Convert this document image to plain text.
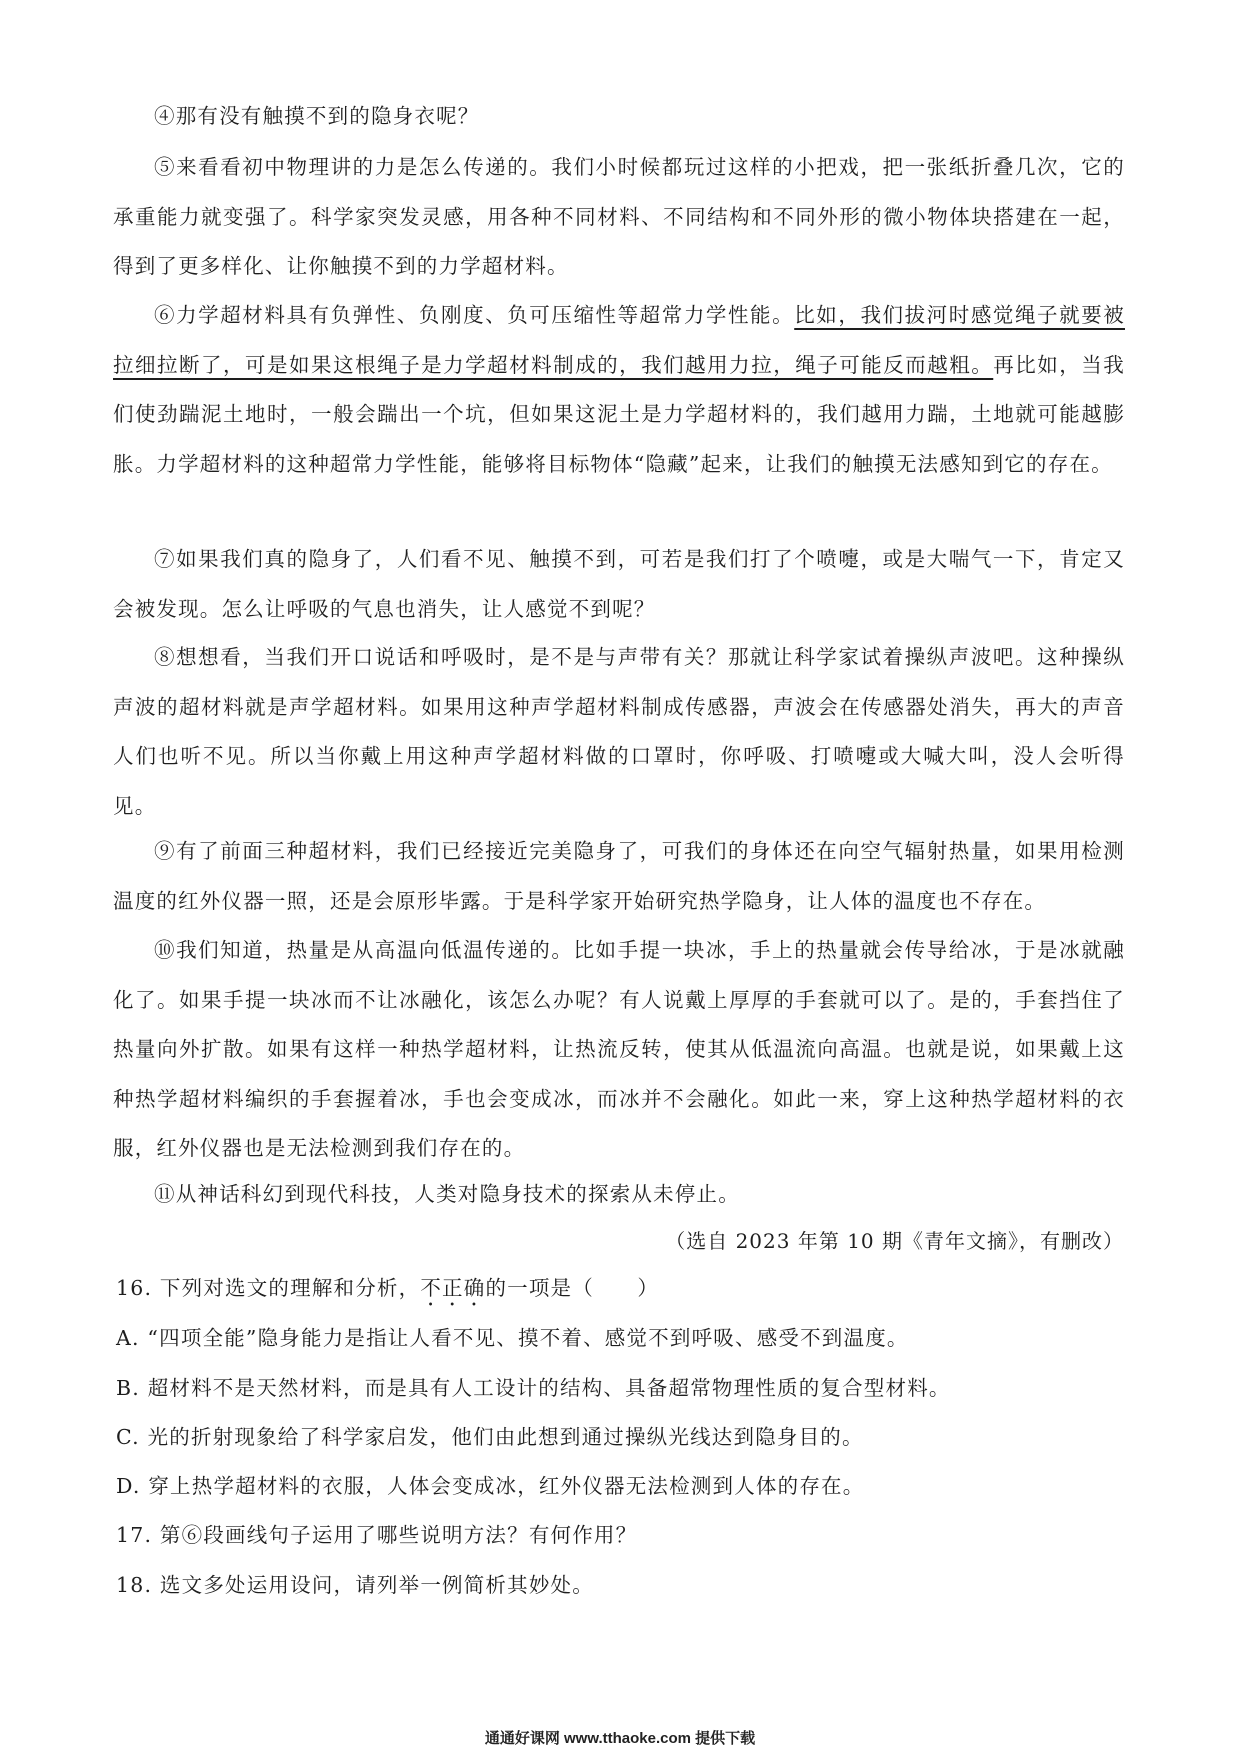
④那有没有触摸不到的隐身衣呢？

⑤来看看初中物理讲的力是怎么传递的。我们小时候都玩过这样的小把戏，把一张纸折叠几次，它的承重能力就变强了。科学家突发灵感，用各种不同材料、不同结构和不同外形的微小物体块搭建在一起，得到了更多样化、让你触摸不到的力学超材料。

⑥力学超材料具有负弹性、负刚度、负可压缩性等超常力学性能。比如，我们拔河时感觉绳子就要被拉细拉断了，可是如果这根绳子是力学超材料制成的，我们越用力拉，绳子可能反而越粗。再比如，当我们使劲踹泥土地时，一般会踹出一个坑，但如果这泥土是力学超材料的，我们越用力踹，土地就可能越膨胀。力学超材料的这种超常力学性能，能够将目标物体“隐藏”起来，让我们的触摸无法感知到它的存在。

⑦如果我们真的隐身了，人们看不见、触摸不到，可若是我们打了个喷嚏，或是大喘气一下，肯定又会被发现。怎么让呼吸的气息也消失，让人感觉不到呢？

⑧想想看，当我们开口说话和呼吸时，是不是与声带有关？那就让科学家试着操纵声波吧。这种操纵声波的超材料就是声学超材料。如果用这种声学超材料制成传感器，声波会在传感器处消失，再大的声音人们也听不见。所以当你戴上用这种声学超材料做的口罩时，你呼吸、打喷嚏或大喊大叫，没人会听得见。

⑨有了前面三种超材料，我们已经接近完美隐身了，可我们的身体还在向空气辐射热量，如果用检测温度的红外仪器一照，还是会原形毕露。于是科学家开始研究热学隐身，让人体的温度也不存在。

⑩我们知道，热量是从高温向低温传递的。比如手提一块冰，手上的热量就会传导给冰，于是冰就融化了。如果手提一块冰而不让冰融化，该怎么办呢？有人说戴上厚厚的手套就可以了。是的，手套挡住了热量向外扩散。如果有这样一种热学超材料，让热流反转，使其从低温流向高温。也就是说，如果戴上这种热学超材料编织的手套握着冰，手也会变成冰，而冰并不会融化。如此一来，穿上这种热学超材料的衣服，红外仪器也是无法检测到我们存在的。

⑪从神话科幻到现代科技，人类对隐身技术的探索从未停止。

（选自 2023 年第 10 期《青年文摘》，有删改）

16. 下列对选文的理解和分析，不正确的一项是（　　）

A. “四项全能”隐身能力是指让人看不见、摸不着、感觉不到呼吸、感受不到温度。

B. 超材料不是天然材料，而是具有人工设计的结构、具备超常物理性质的复合型材料。

C. 光的折射现象给了科学家启发，他们由此想到通过操纵光线达到隐身目的。

D. 穿上热学超材料的衣服，人体会变成冰，红外仪器无法检测到人体的存在。

17. 第⑥段画线句子运用了哪些说明方法？有何作用？

18. 选文多处运用设问，请列举一例简析其妙处。

通通好课网 www.tthaoke.com 提供下载
